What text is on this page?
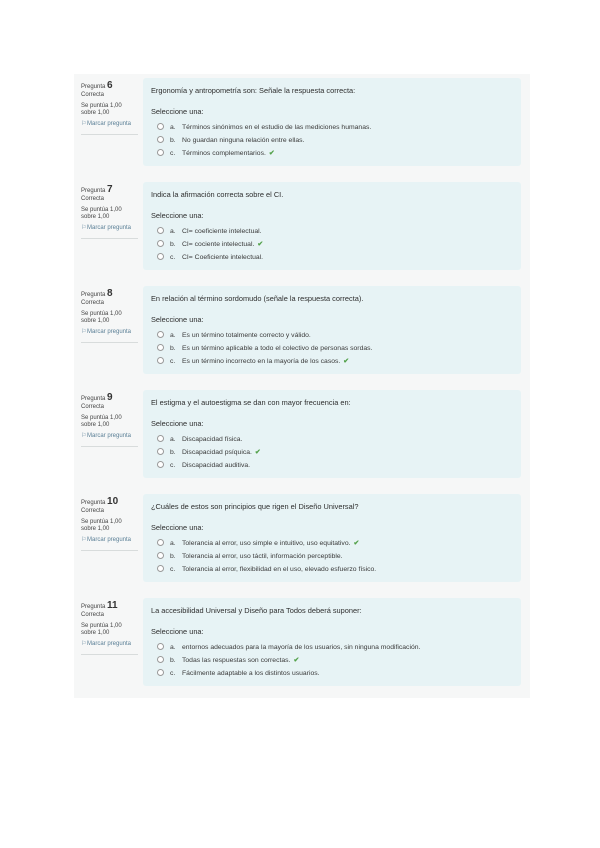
Pregunta 6
Correcta
Se puntúa 1,00 sobre 1,00
⚐Marcar pregunta
Ergonomía y antropometría son: Señale la respuesta correcta:
Seleccione una:
a. Términos sinónimos en el estudio de las mediciones humanas.
b. No guardan ninguna relación entre ellas.
c. Términos complementarios. ✔
Pregunta 7
Correcta
Se puntúa 1,00 sobre 1,00
⚐Marcar pregunta
Indica la afirmación correcta sobre el CI.
Seleccione una:
a. CI= coeficiente intelectual.
b. CI= cociente intelectual. ✔
c. CI= Coeficiente intelectual.
Pregunta 8
Correcta
Se puntúa 1,00 sobre 1,00
⚐Marcar pregunta
En relación al término sordomudo (señale la respuesta correcta).
Seleccione una:
a. Es un término totalmente correcto y válido.
b. Es un término aplicable a todo el colectivo de personas sordas.
c. Es un término incorrecto en la mayoría de los casos. ✔
Pregunta 9
Correcta
Se puntúa 1,00 sobre 1,00
⚐Marcar pregunta
El estigma y el autoestigma se dan con mayor frecuencia en:
Seleccione una:
a. Discapacidad física.
b. Discapacidad psíquica. ✔
c. Discapacidad auditiva.
Pregunta 10
Correcta
Se puntúa 1,00 sobre 1,00
⚐Marcar pregunta
¿Cuáles de estos son principios que rigen el Diseño Universal?
Seleccione una:
a. Tolerancia al error, uso simple e intuitivo, uso equitativo. ✔
b. Tolerancia al error, uso táctil, información perceptible.
c. Tolerancia al error, flexibilidad en el uso, elevado esfuerzo físico.
Pregunta 11
Correcta
Se puntúa 1,00 sobre 1,00
⚐Marcar pregunta
La accesibilidad Universal y Diseño para Todos deberá suponer:
Seleccione una:
a. entornos adecuados para la mayoría de los usuarios, sin ninguna modificación.
b. Todas las respuestas son correctas. ✔
c. Fácilmente adaptable a los distintos usuarios.
